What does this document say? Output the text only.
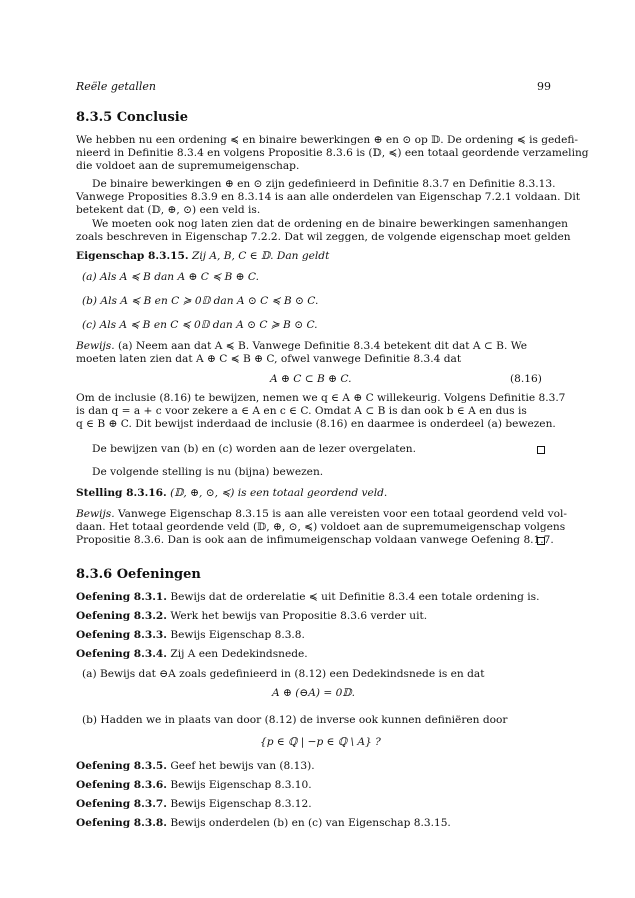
Reële getallen	99
8.3.5 Conclusie
We hebben nu een ordening ≼ en binaire bewerkingen ⊕ en ⊙ op 𝔻. De ordening ≼ is gedefi-
nieerd in Definitie 8.3.4 en volgens Propositie 8.3.6 is (𝔻, ≼) een totaal geordende verzameling
die voldoet aan de supremumeigenschap.
De binaire bewerkingen ⊕ en ⊙ zijn gedefinieerd in Definitie 8.3.7 en Definitie 8.3.13.
Vanwege Proposities 8.3.9 en 8.3.14 is aan alle onderdelen van Eigenschap 7.2.1 voldaan. Dit
betekent dat (𝔻, ⊕, ⊙) een veld is.
We moeten ook nog laten zien dat de ordening en de binaire bewerkingen samenhangen
zoals beschreven in Eigenschap 7.2.2. Dat wil zeggen, de volgende eigenschap moet gelden
Eigenschap 8.3.15. Zij A, B, C ∈ 𝔻. Dan geldt
(a) Als A ≼ B dan A ⊕ C ≼ B ⊕ C.
(b) Als A ≼ B en C ≽ 0𝔻 dan A ⊙ C ≼ B ⊙ C.
(c) Als A ≼ B en C ≼ 0𝔻 dan A ⊙ C ≽ B ⊙ C.
Bewijs. (a) Neem aan dat A ≼ B. Vanwege Definitie 8.3.4 betekent dit dat A ⊂ B. We
moeten laten zien dat A ⊕ C ≼ B ⊕ C, ofwel vanwege Definitie 8.3.4 dat
A ⊕ C ⊂ B ⊕ C.	(8.16)
Om de inclusie (8.16) te bewijzen, nemen we q ∈ A ⊕ C willekeurig. Volgens Definitie 8.3.7
is dan q = a + c voor zekere a ∈ A en c ∈ C. Omdat A ⊂ B is dan ook b ∈ A en dus is
q ∈ B ⊕ C. Dit bewijst inderdaad de inclusie (8.16) en daarmee is onderdeel (a) bewezen.
De bewijzen van (b) en (c) worden aan de lezer overgelaten.
De volgende stelling is nu (bijna) bewezen.
Stelling 8.3.16. (𝔻, ⊕, ⊙, ≼) is een totaal geordend veld.
Bewijs. Vanwege Eigenschap 8.3.15 is aan alle vereisten voor een totaal geordend veld vol-
daan. Het totaal geordende veld (𝔻, ⊕, ⊙, ≼) voldoet aan de supremumeigenschap volgens
Propositie 8.3.6. Dan is ook aan de infimumeigenschap voldaan vanwege Oefening 8.1.7.
8.3.6 Oefeningen
Oefening 8.3.1. Bewijs dat de orderelatie ≼ uit Definitie 8.3.4 een totale ordening is.
Oefening 8.3.2. Werk het bewijs van Propositie 8.3.6 verder uit.
Oefening 8.3.3. Bewijs Eigenschap 8.3.8.
Oefening 8.3.4. Zij A een Dedekindsnede.
(a) Bewijs dat ⊖A zoals gedefinieerd in (8.12) een Dedekindsnede is en dat
A ⊕ (⊖A) = 0𝔻.
(b) Hadden we in plaats van door (8.12) de inverse ook kunnen definiëren door
{p ∈ ℚ | −p ∈ ℚ \ A} ?
Oefening 8.3.5. Geef het bewijs van (8.13).
Oefening 8.3.6. Bewijs Eigenschap 8.3.10.
Oefening 8.3.7. Bewijs Eigenschap 8.3.12.
Oefening 8.3.8. Bewijs onderdelen (b) en (c) van Eigenschap 8.3.15.
